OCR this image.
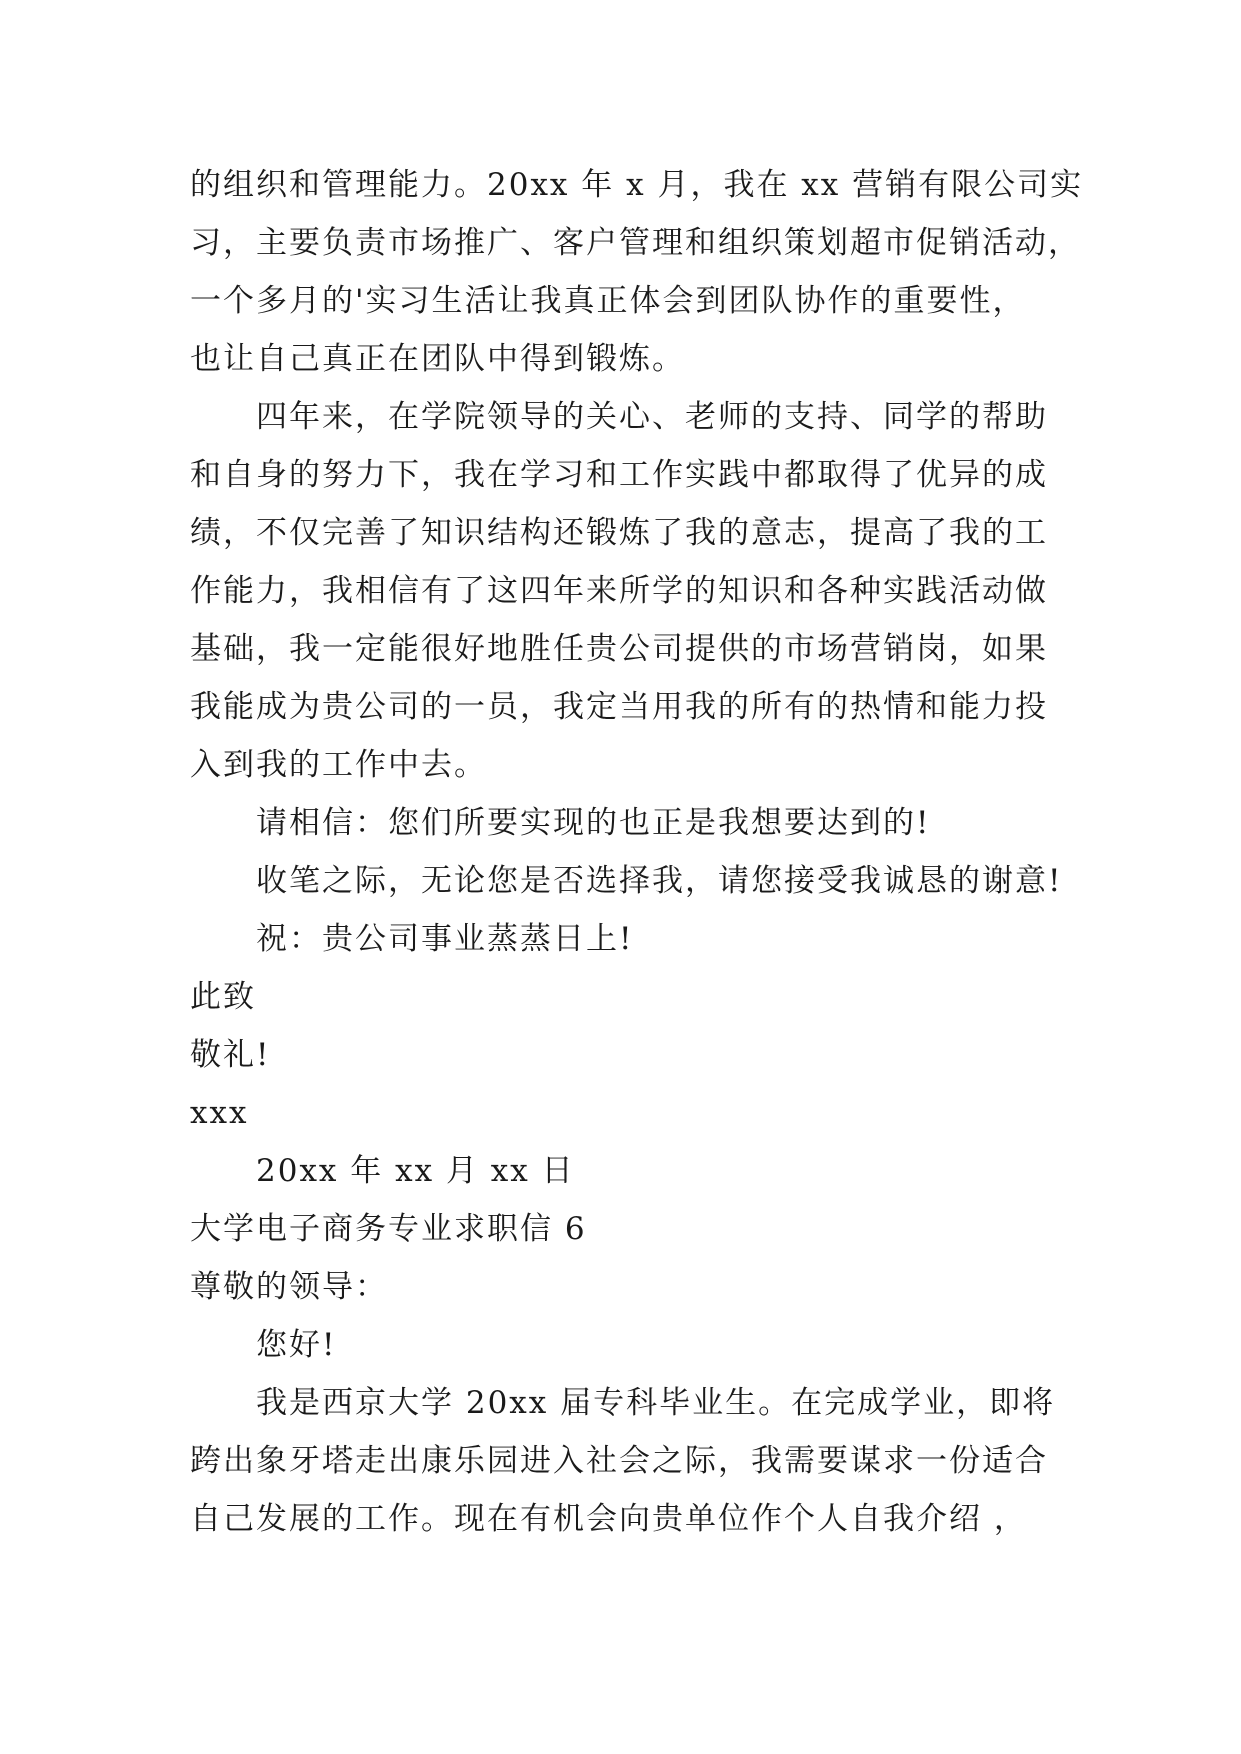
的组织和管理能力。20xx 年 x 月，我在 xx 营销有限公司实
习，主要负责市场推广、客户管理和组织策划超市促销活动，
一个多月的'实习生活让我真正体会到团队协作的重要性，
也让自己真正在团队中得到锻炼。
四年来，在学院领导的关心、老师的支持、同学的帮助
和自身的努力下，我在学习和工作实践中都取得了优异的成
绩，不仅完善了知识结构还锻炼了我的意志，提高了我的工
作能力，我相信有了这四年来所学的知识和各种实践活动做
基础，我一定能很好地胜任贵公司提供的市场营销岗，如果
我能成为贵公司的一员，我定当用我的所有的热情和能力投
入到我的工作中去。
请相信：您们所要实现的也正是我想要达到的!
收笔之际，无论您是否选择我，请您接受我诚恳的谢意!
祝：贵公司事业蒸蒸日上!
此致
敬礼!
xxx
20xx 年 xx 月 xx 日
大学电子商务专业求职信 6
尊敬的领导：
您好!
我是西京大学 20xx 届专科毕业生。在完成学业，即将
跨出象牙塔走出康乐园进入社会之际，我需要谋求一份适合
自己发展的工作。现在有机会向贵单位作个人自我介绍 ，
